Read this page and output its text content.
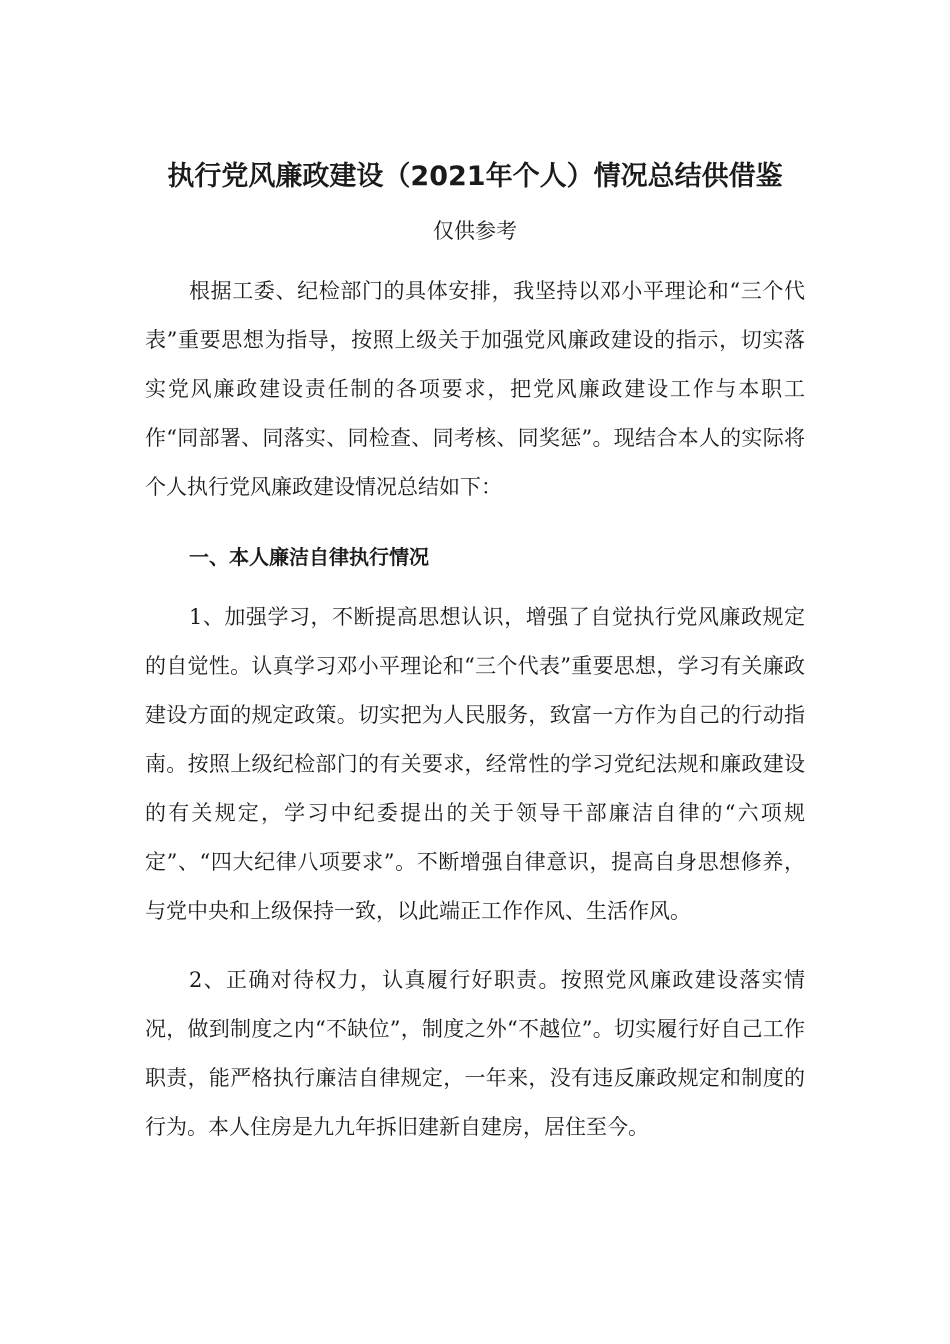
执行党风廉政建设（2021年个人）情况总结供借鉴

仅供参考

根据工委、纪检部门的具体安排，我坚持以邓小平理论和“三个代表”重要思想为指导，按照上级关于加强党风廉政建设的指示，切实落实党风廉政建设责任制的各项要求，把党风廉政建设工作与本职工作“同部署、同落实、同检查、同考核、同奖惩”。现结合本人的实际将个人执行党风廉政建设情况总结如下：

一、本人廉洁自律执行情况

1、加强学习，不断提高思想认识，增强了自觉执行党风廉政规定的自觉性。认真学习邓小平理论和“三个代表”重要思想，学习有关廉政建设方面的规定政策。切实把为人民服务，致富一方作为自己的行动指南。按照上级纪检部门的有关要求，经常性的学习党纪法规和廉政建设的有关规定，学习中纪委提出的关于领导干部廉洁自律的“六项规定”、“四大纪律八项要求”。不断增强自律意识，提高自身思想修养，与党中央和上级保持一致，以此端正工作作风、生活作风。

2、正确对待权力，认真履行好职责。按照党风廉政建设落实情况，做到制度之内“不缺位”，制度之外“不越位”。切实履行好自己工作职责，能严格执行廉洁自律规定，一年来，没有违反廉政规定和制度的行为。本人住房是九九年拆旧建新自建房，居住至今。
